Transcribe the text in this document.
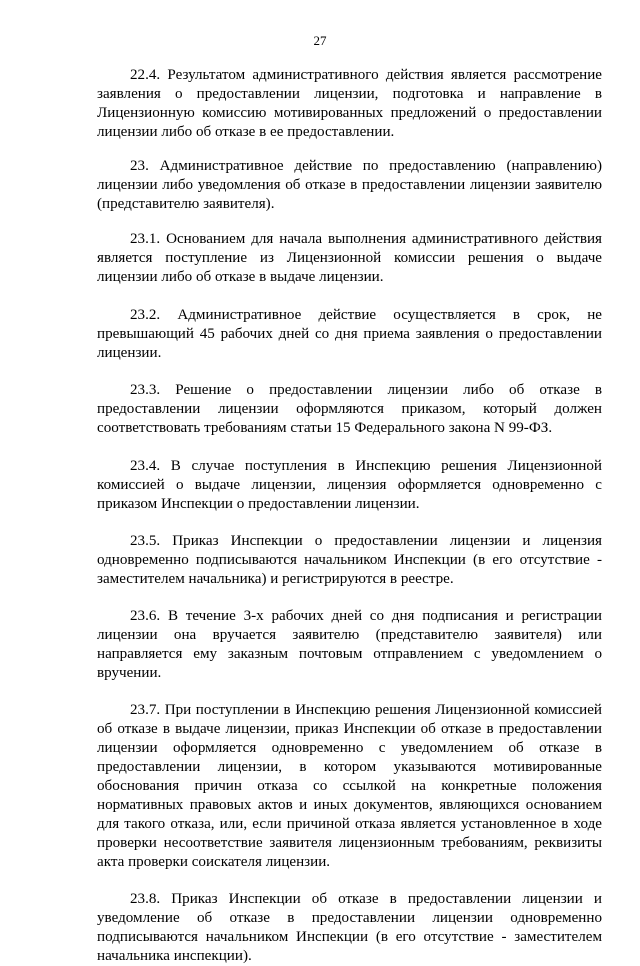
27

22.4. Результатом административного действия является рассмотрение заявления о предоставлении лицензии, подготовка и направление в Лицензионную комиссию мотивированных предложений о предоставлении лицензии либо об отказе в ее предоставлении.

23. Административное действие по предоставлению (направлению) лицензии либо уведомления об отказе в предоставлении лицензии заявителю (представителю заявителя).

23.1. Основанием для начала выполнения административного действия является поступление из Лицензионной комиссии решения о выдаче лицензии либо об отказе в выдаче лицензии.

23.2. Административное действие осуществляется в срок, не превышающий 45 рабочих дней со дня приема заявления о предоставлении лицензии.

23.3. Решение о предоставлении лицензии либо об отказе в предоставлении лицензии оформляются приказом, который должен соответствовать требованиям статьи 15 Федерального закона N 99-ФЗ.

23.4. В случае поступления в Инспекцию решения Лицензионной комиссией о выдаче лицензии, лицензия оформляется одновременно с приказом Инспекции о предоставлении лицензии.

23.5. Приказ Инспекции о предоставлении лицензии и лицензия одновременно подписываются начальником Инспекции (в его отсутствие - заместителем начальника) и регистрируются в реестре.

23.6. В течение 3-х рабочих дней со дня подписания и регистрации лицензии она вручается заявителю (представителю заявителя) или направляется ему заказным почтовым отправлением с уведомлением о вручении.

23.7. При поступлении в Инспекцию решения Лицензионной комиссией об отказе в выдаче лицензии, приказ Инспекции об отказе в предоставлении лицензии оформляется одновременно с уведомлением об отказе в предоставлении лицензии, в котором указываются мотивированные обоснования причин отказа со ссылкой на конкретные положения нормативных правовых актов и иных документов, являющихся основанием для такого отказа, или, если причиной отказа является установленное в ходе проверки несоответствие заявителя лицензионным требованиям, реквизиты акта проверки соискателя лицензии.

23.8. Приказ Инспекции об отказе в предоставлении лицензии и уведомление об отказе в предоставлении лицензии одновременно подписываются начальником Инспекции (в его отсутствие - заместителем начальника инспекции).
